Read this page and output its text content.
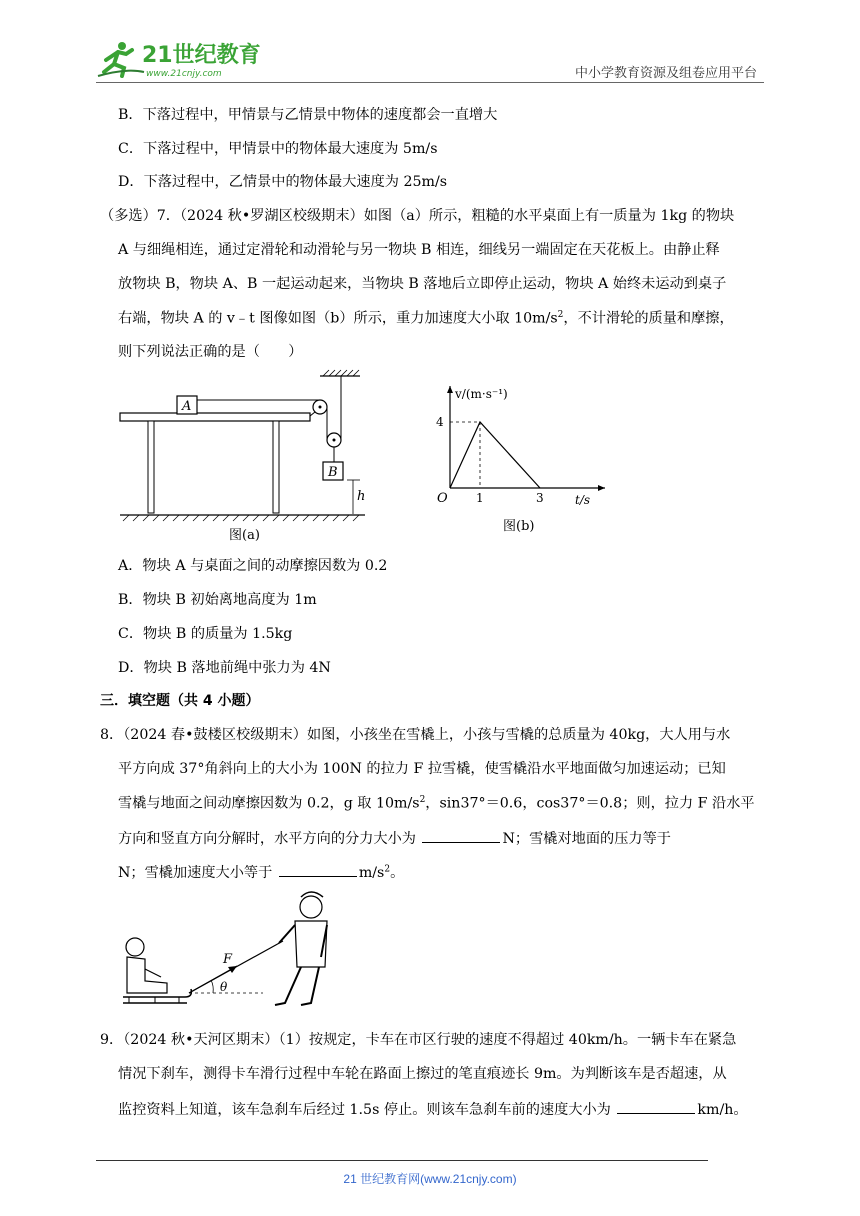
21世纪教育
www.21cnjy.com	中小学教育资源及组卷应用平台
B．下落过程中，甲情景与乙情景中物体的速度都会一直增大
C．下落过程中，甲情景中的物体最大速度为 5m/s
D．下落过程中，乙情景中的物体最大速度为 25m/s
（多选）7．（2024 秋•罗湖区校级期末）如图（a）所示，粗糙的水平桌面上有一质量为 1kg 的物块
A 与细绳相连，通过定滑轮和动滑轮与另一物块 B 相连，细线另一端固定在天花板上。由静止释
放物块 B，物块 A、B 一起运动起来，当物块 B 落地后立即停止运动，物块 A 始终未运动到桌子
右端，物块 A 的 v﹣t 图像如图（b）所示，重力加速度大小取 $10m/s^2$，不计滑轮的质量和摩擦，
则下列说法正确的是（　　）
A
B
h
图(a)
v/(m·s⁻¹)
t/s
O
4
1	3
图(b)
A．物块 A 与桌面之间的动摩擦因数为 0.2
B．物块 B 初始离地高度为 1m
C．物块 B 的质量为 1.5kg
D．物块 B 落地前绳中张力为 4N
三．填空题（共 4 小题）
8．（2024 春•鼓楼区校级期末）如图，小孩坐在雪橇上，小孩与雪橇的总质量为 40kg，大人用与水
平方向成 37°角斜向上的大小为 100N 的拉力 F 拉雪橇，使雪橇沿水平地面做匀加速运动；已知
雪橇与地面之间动摩擦因数为 0.2，g 取 $10m/s^2$，sin37°＝0.6，cos37°＝0.8；则，拉力 F 沿水平
方向和竖直方向分解时，水平方向的分力大小为	N；雪橇对地面的压力等于
N；雪橇加速度大小等于	$m/s^2$。
F
θ
9．（2024 秋•天河区期末）（1）按规定，卡车在市区行驶的速度不得超过 40km/h。一辆卡车在紧急
情况下刹车，测得卡车滑行过程中车轮在路面上擦过的笔直痕迹长 9m。为判断该车是否超速，从
监控资料上知道，该车急刹车后经过 1.5s 停止。则该车急刹车前的速度大小为	km/h。
21 世纪教育网(www.21cnjy.com)
